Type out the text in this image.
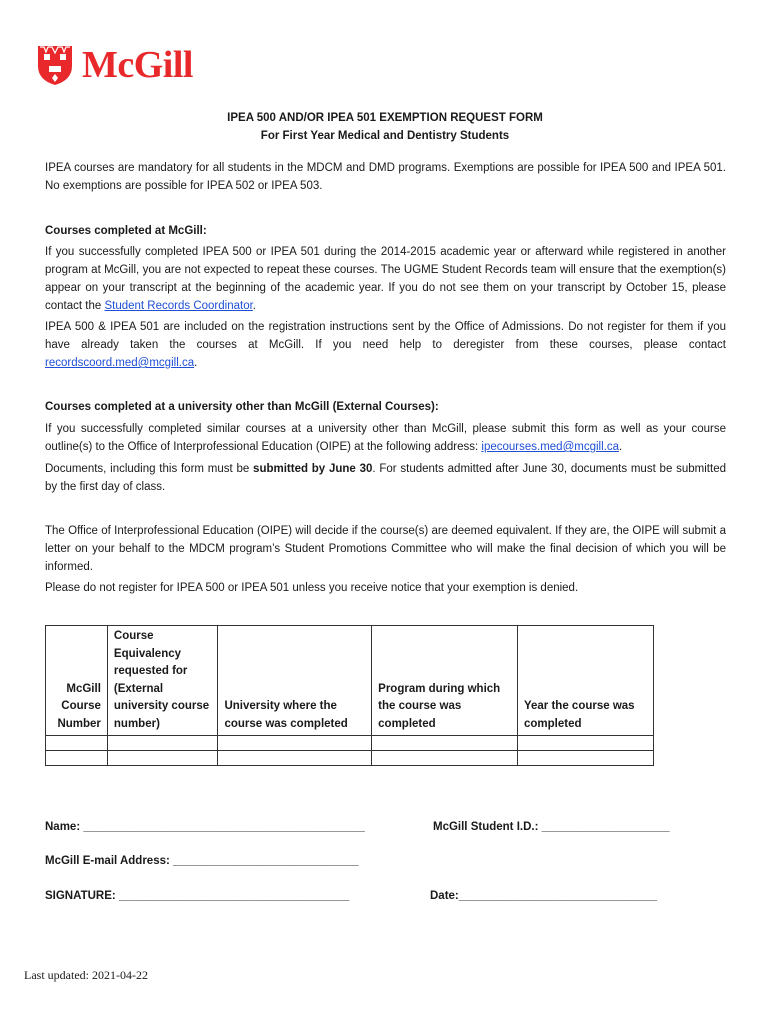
McGill
IPEA 500 AND/OR IPEA 501 EXEMPTION REQUEST FORM
For First Year Medical and Dentistry Students

IPEA courses are mandatory for all students in the MDCM and DMD programs. Exemptions are possible for IPEA 500 and IPEA 501. No exemptions are possible for IPEA 502 or IPEA 503.

Courses completed at McGill:

If you successfully completed IPEA 500 or IPEA 501 during the 2014-2015 academic year or afterward while registered in another program at McGill, you are not expected to repeat these courses. The UGME Student Records team will ensure that the exemption(s) appear on your transcript at the beginning of the academic year. If you do not see them on your transcript by October 15, please contact the Student Records Coordinator.

IPEA 500 & IPEA 501 are included on the registration instructions sent by the Office of Admissions. Do not register for them if you have already taken the courses at McGill. If you need help to deregister from these courses, please contact recordscoord.med@mcgill.ca.

Courses completed at a university other than McGill (External Courses):

If you successfully completed similar courses at a university other than McGill, please submit this form as well as your course outline(s) to the Office of Interprofessional Education (OIPE) at the following address: ipecourses.med@mcgill.ca.

Documents, including this form must be submitted by June 30. For students admitted after June 30, documents must be submitted by the first day of class.

The Office of Interprofessional Education (OIPE) will decide if the course(s) are deemed equivalent. If they are, the OIPE will submit a letter on your behalf to the MDCM program’s Student Promotions Committee who will make the final decision of which you will be informed.

Please do not register for IPEA 500 or IPEA 501 unless you receive notice that your exemption is denied.

McGill Course Number	Course Equivalency requested for (External university course number)	University where the course was completed	Program during which the course was completed	Year the course was completed

Name: ____________________________________________	McGill Student I.D.: ____________________
McGill E-mail Address: _____________________________
SIGNATURE: ____________________________________	Date:_______________________________
Last updated: 2021-04-22
